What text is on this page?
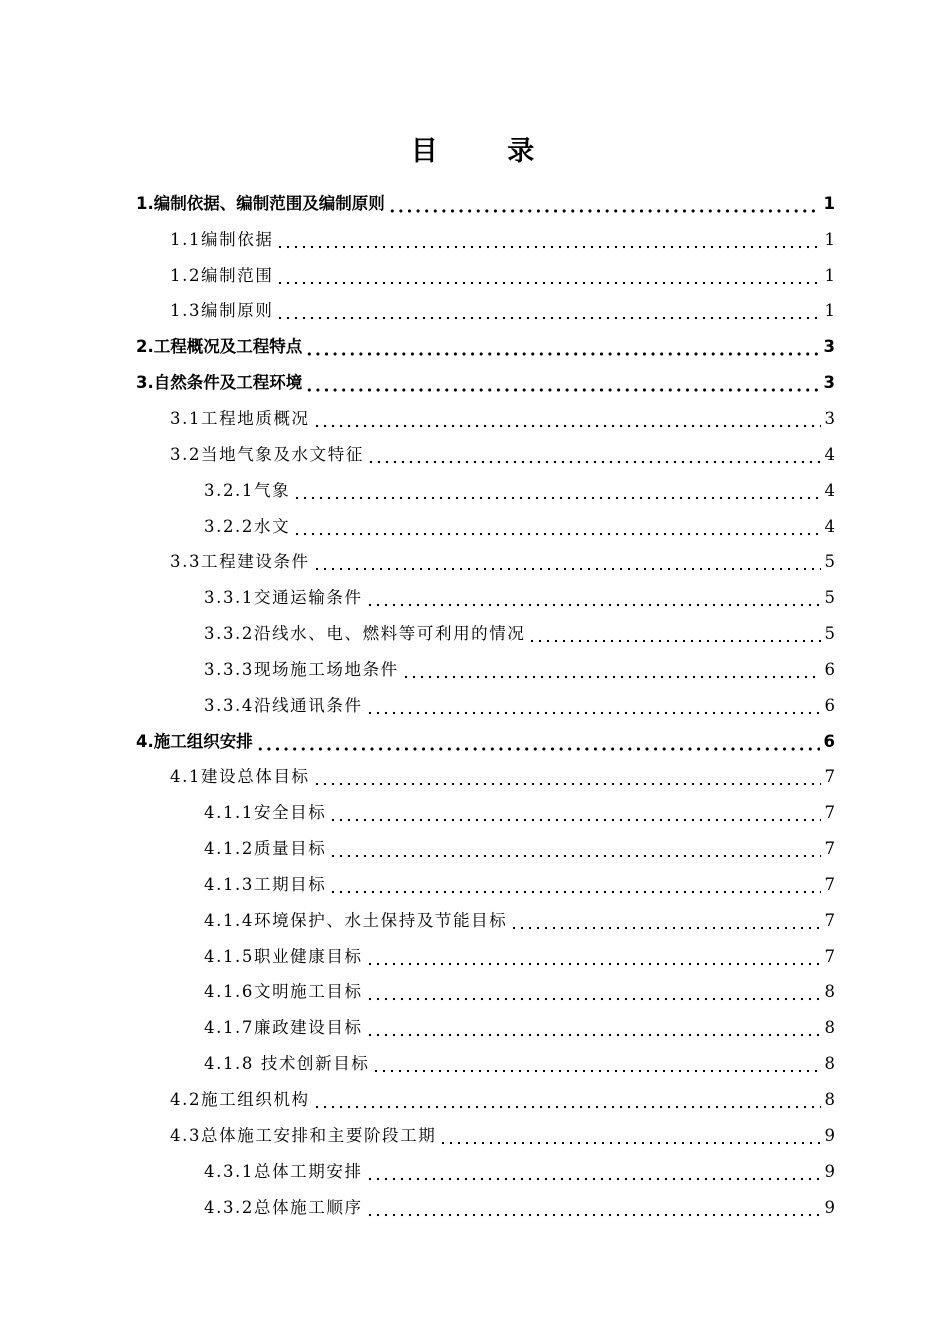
目 录
1.编制依据、编制范围及编制原则	1
1.1编制依据	1
1.2编制范围	1
1.3编制原则	1
2.工程概况及工程特点	3
3.自然条件及工程环境	3
3.1工程地质概况	3
3.2当地气象及水文特征	4
3.2.1气象	4
3.2.2水文	4
3.3工程建设条件	5
3.3.1交通运输条件	5
3.3.2沿线水、电、燃料等可利用的情况	5
3.3.3现场施工场地条件	6
3.3.4沿线通讯条件	6
4.施工组织安排	6
4.1建设总体目标	7
4.1.1安全目标	7
4.1.2质量目标	7
4.1.3工期目标	7
4.1.4环境保护、水土保持及节能目标	7
4.1.5职业健康目标	7
4.1.6文明施工目标	8
4.1.7廉政建设目标	8
4.1.8 技术创新目标	8
4.2施工组织机构	8
4.3总体施工安排和主要阶段工期	9
4.3.1总体工期安排	9
4.3.2总体施工顺序	9
